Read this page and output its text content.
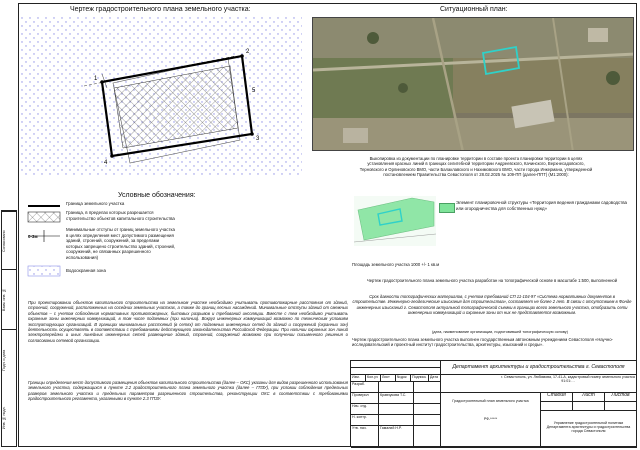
Согласовано
Взам. инв. №
Подп. и дата
Инв. № подл.
Чертеж градостроительного плана земельного участка:
1
2
3
4
5
Ситуационный план:
Выкопировка из документации по планировке территории в составе проекта планировки территории в целях установления красных линий в границах селитебной территории Андреевского, Качинского, Верхнесадовского, Терновского и Орлиновского ВМО, части Балаклавского и Нахимовского ВМО, части города Инкермана, утвержденной постановлением Правительства Севастополя от 28.02.2025 № 109-ПП (далее-ППТ) (М1:2000):
Элемент планировочной структуры «Территория ведения гражданами садоводства или огородничества для собственных нужд»
Условные обозначения:
0-3м
Граница земельного участка
Граница, в пределах которых разрешается строительство объектов капитального строительства
Минимальные отступы от границ земельного участка в целях определения мест допустимого размещения зданий, строений, сооружений, за пределами которых запрещено строительство зданий, строений, сооружений, не связанных разрешенного использования)
Водоохранная зона
Площадь земельного участка 1000 +/- 1 кв.м
Чертеж градостроительного плана земельного участка разработан на топографической основе в масштабе 1:500, выполненной
Срок давности топографических материалов, с учетом требований СП 11-104-97 «Система нормативных документов в строительстве. Инженерно-геодезические изыскания для строительства», составляет не более 2 лет. В связи с отсутствием в Фонде инженерных изысканий г. Севастополя актуальной топографической съемки в границах всего земельного участка, отобразить сети инженерных коммуникаций и охранные зоны от них не представляется возможным.
(дата, наименование организации, подготовившей топографическую основу)
Чертеж градостроительного плана земельного участка выполнен государственным автономным учреждением Севастополя «Научно-исследовательский и проектный институт градостроительства, архитектуры, изысканий и среды».
При проектировании объектов капитального строительства на земельном участке необходимо учитывать противопожарные расстояния от зданий, строений, сооружений, расположенных на соседних земельных участках, а также до границ лесных насаждений. Минимальные отступы зданий от смежных объектов – с учетом соблюдения нормативных противопожарных, бытовых разрывов и требований инсоляции. Вместе с тем необходимо учитывать охранные зоны инженерных коммуникаций, в том числе подземных (при наличии). Вокруг инженерных коммуникаций возможно по техническим условиям эксплуатирующих организаций. В границах минимальных расстояний (в сетях) от подземных инженерных сетей до зданий и сооружений (охранных зон) деятельность осуществлять в соответствии с требованиями действующего законодательства Российской Федерации. При наличии охранных зон линий электропередачи и иных линейных инженерных сетей размещение зданий, строений, сооружений возможно при получении письменного решения о согласовании сетевой организации.
Границы определения мест допустимого размещения объектов капитального строительства (далее – ОКС) указаны для видов разрешенного использования земельного участка, содержащихся в пункте 2.2 градостроительного плана земельного участка (далее – ГПЗУ), при условии соблюдения предельных размеров земельного участка и предельных параметров разрешенного строительства, реконструкции ОКС в соответствии с требованиями градостроительного регламента, указанными в пункте 2.3 ГПЗУ.
Изм.	Кол.уч	Лист	№док	Подпись	Дата
Разраб.
Проверил	Кравчукова Т.С.
Нач. отд.
Н. контр.
Утв. нач.	Гамалий Н.Р.
Департамент архитектуры и градостроительства г. Севастополя
г. Севастополь, ул. Любимова, 17-41-А, кадастровый номер земельного участка 91:01:…
Градостроительный план земельного участка
РФ-*****
Стадия	Лист	Листов
Управление градостроительной политики Департамента архитектуры и градостроительства города Севастополя
